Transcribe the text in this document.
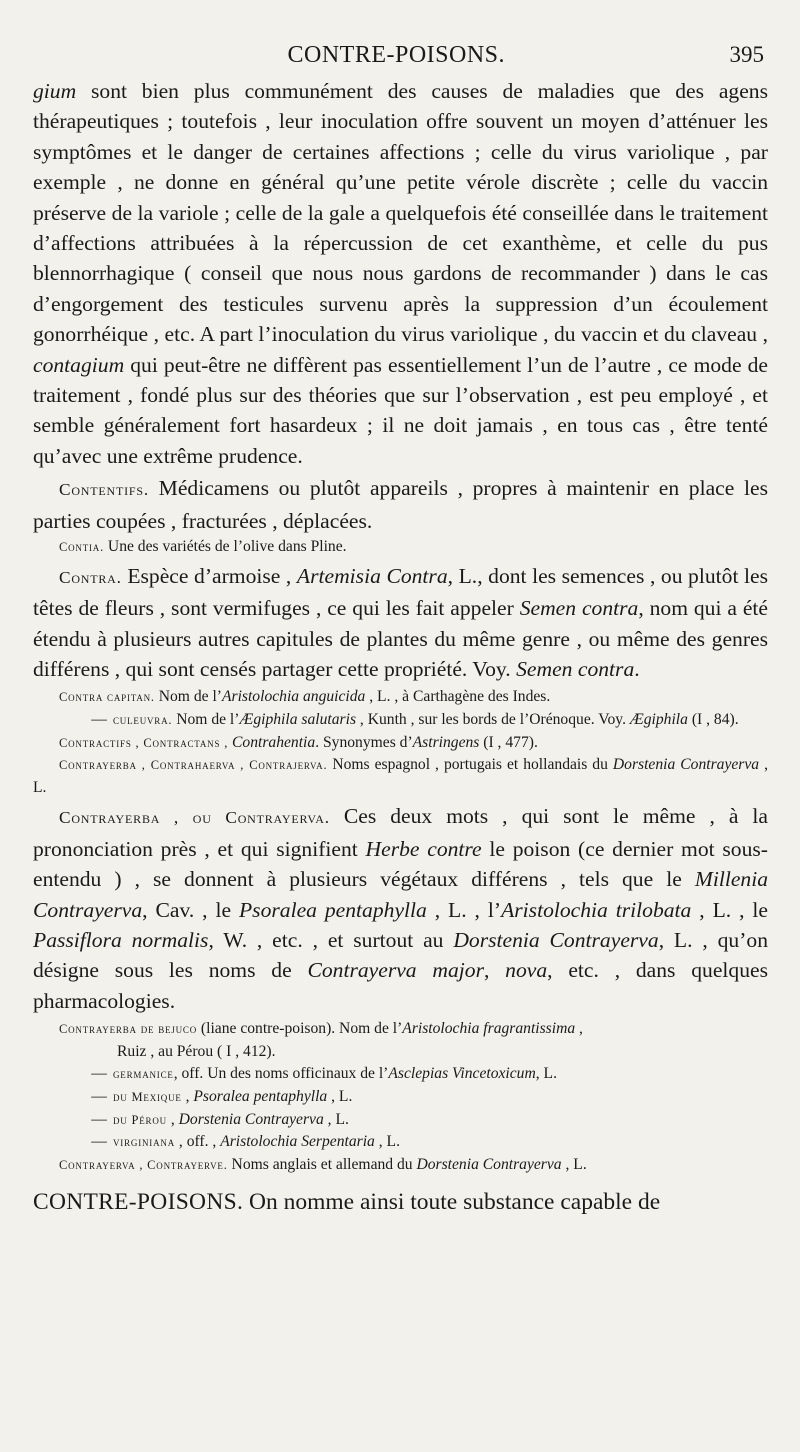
CONTRE-POISONS.	395

gium sont bien plus communément des causes de maladies que des agens thérapeutiques ; toutefois , leur inoculation offre souvent un moyen d’atténuer les symptômes et le danger de certaines affections ; celle du virus variolique , par exemple , ne donne en général qu’une petite vérole discrète ; celle du vaccin préserve de la variole ; celle de la gale a quelquefois été conseillée dans le traitement d’affections attribuées à la répercussion de cet exanthème, et celle du pus blennorrhagique ( conseil que nous nous gardons de recommander ) dans le cas d’engorgement des testicules survenu après la suppression d’un écoulement gonorrhéique , etc. A part l’inoculation du virus variolique , du vaccin et du claveau , contagium qui peut-être ne diffèrent pas essentiellement l’un de l’autre , ce mode de traitement , fondé plus sur des théories que sur l’observation , est peu employé , et semble généralement fort hasardeux ; il ne doit jamais , en tous cas , être tenté qu’avec une extrême prudence.

Contentifs. Médicamens ou plutôt appareils , propres à maintenir en place les parties coupées , fracturées , déplacées.

Contia. Une des variétés de l’olive dans Pline.

Contra. Espèce d’armoise , Artemisia Contra, L., dont les semences , ou plutôt les têtes de fleurs , sont vermifuges , ce qui les fait appeler Semen contra, nom qui a été étendu à plusieurs autres capitules de plantes du même genre , ou même des genres différens , qui sont censés partager cette propriété. Voy. Semen contra.

Contra capitan. Nom de l’Aristolochia anguicida , L. , à Carthagène des Indes.

— culeuvra. Nom de l’Ægiphila salutaris , Kunth , sur les bords de l’Orénoque. Voy. Ægiphila (I , 84).

Contractifs , Contractans , Contrahentia. Synonymes d’Astringens (I , 477).

Contrayerba , Contrahaerva , Contrajerva. Noms espagnol , portugais et hollandais du Dorstenia Contrayerva , L.

Contrayerba , ou Contrayerva. Ces deux mots , qui sont le même , à la prononciation près , et qui signifient Herbe contre le poison (ce dernier mot sous-entendu ) , se donnent à plusieurs végétaux différens , tels que le Millenia Contrayerva, Cav. , le Psoralea pentaphylla , L. , l’Aristolochia trilobata , L. , le Passiflora normalis, W. , etc. , et surtout au Dorstenia Contrayerva, L. , qu’on désigne sous les noms de Contrayerva major, nova, etc. , dans quelques pharmacologies.

Contrayerba de bejuco (liane contre-poison). Nom de l’Aristolochia fragrantissima ,
Ruiz , au Pérou ( I , 412).

— germanice, off. Un des noms officinaux de l’Asclepias Vincetoxicum, L.

— du Mexique , Psoralea pentaphylla , L.

— du Pérou , Dorstenia Contrayerva , L.

— virginiana , off. , Aristolochia Serpentaria , L.

Contrayerva , Contrayerve. Noms anglais et allemand du Dorstenia Contrayerva , L.

CONTRE-POISONS. On nomme ainsi toute substance capable de
